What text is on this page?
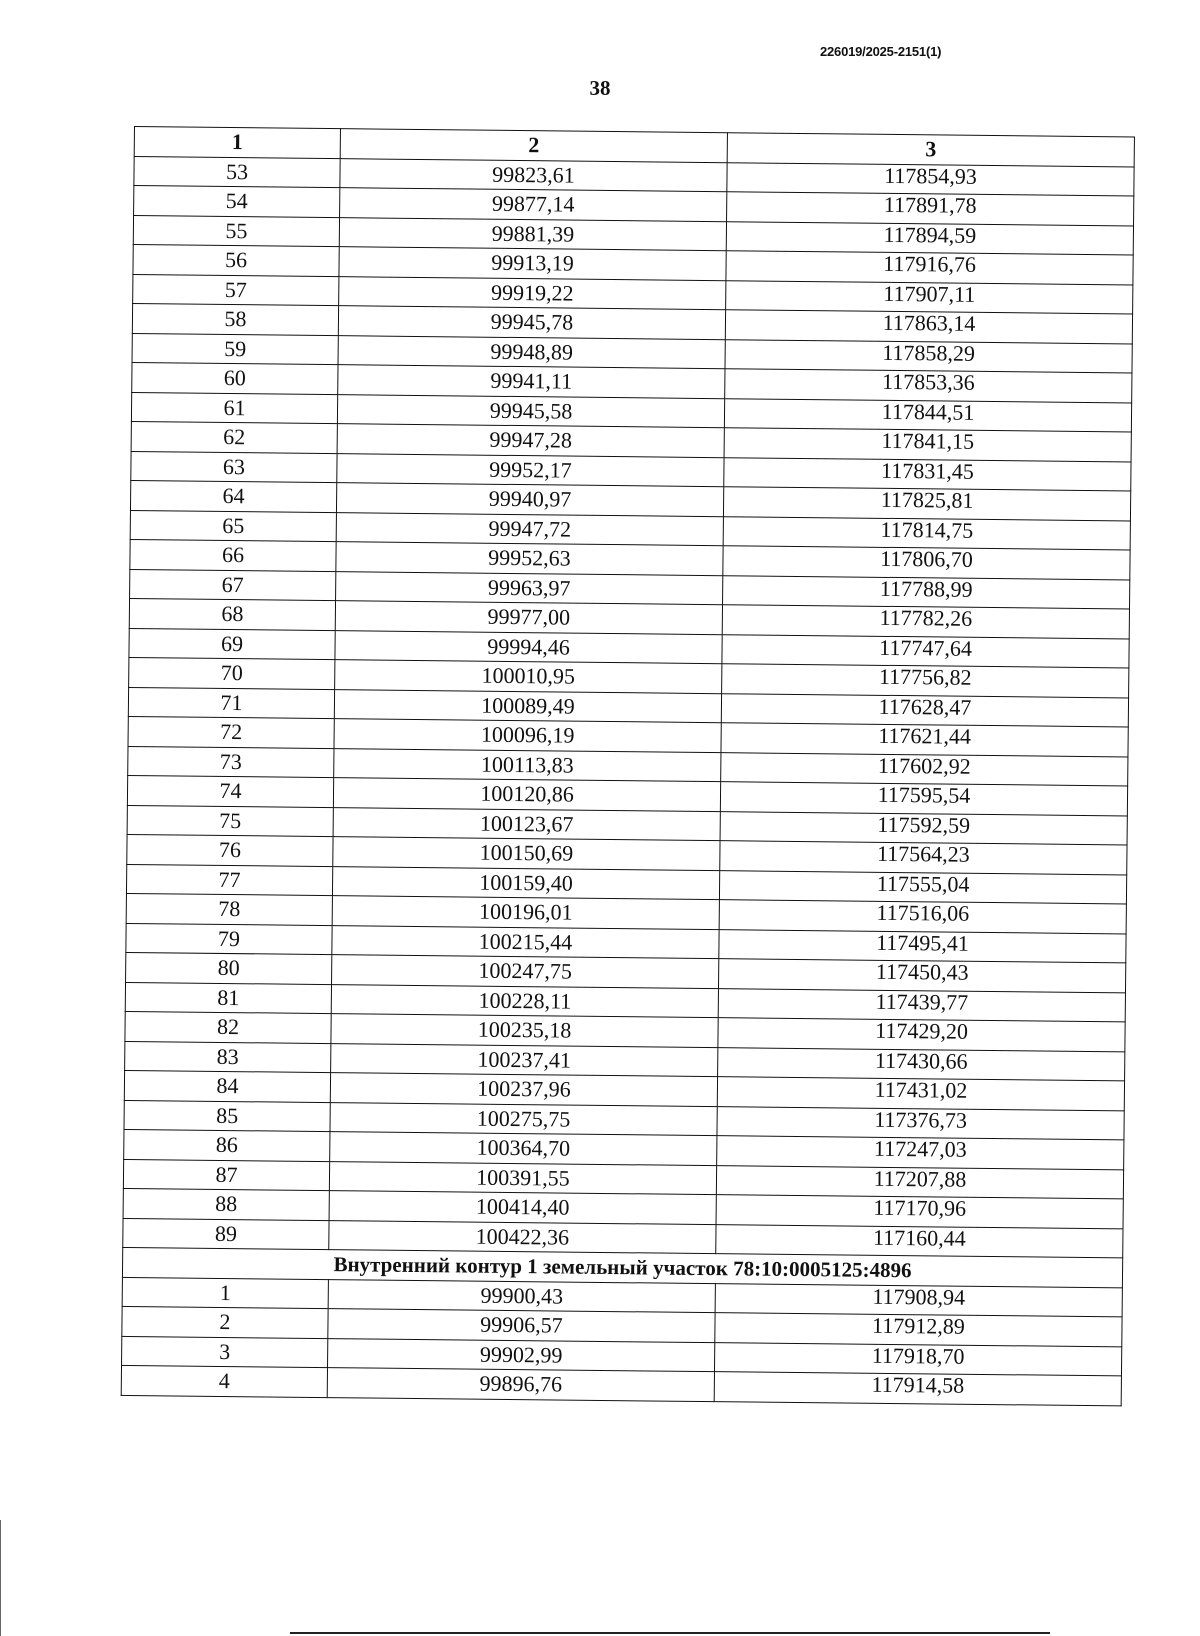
226019/2025-2151(1)
38
1	2	3
53	99823,61	117854,93
54	99877,14	117891,78
55	99881,39	117894,59
56	99913,19	117916,76
57	99919,22	117907,11
58	99945,78	117863,14
59	99948,89	117858,29
60	99941,11	117853,36
61	99945,58	117844,51
62	99947,28	117841,15
63	99952,17	117831,45
64	99940,97	117825,81
65	99947,72	117814,75
66	99952,63	117806,70
67	99963,97	117788,99
68	99977,00	117782,26
69	99994,46	117747,64
70	100010,95	117756,82
71	100089,49	117628,47
72	100096,19	117621,44
73	100113,83	117602,92
74	100120,86	117595,54
75	100123,67	117592,59
76	100150,69	117564,23
77	100159,40	117555,04
78	100196,01	117516,06
79	100215,44	117495,41
80	100247,75	117450,43
81	100228,11	117439,77
82	100235,18	117429,20
83	100237,41	117430,66
84	100237,96	117431,02
85	100275,75	117376,73
86	100364,70	117247,03
87	100391,55	117207,88
88	100414,40	117170,96
89	100422,36	117160,44
Внутренний контур 1 земельный участок 78:10:0005125:4896		
1	99900,43	117908,94
2	99906,57	117912,89
3	99902,99	117918,70
4	99896,76	117914,58
